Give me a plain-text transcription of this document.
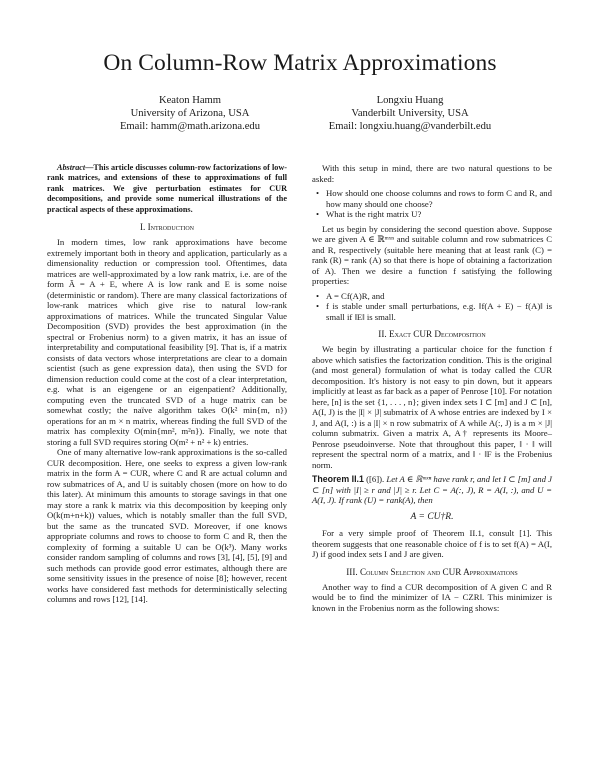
On Column-Row Matrix Approximations
Keaton Hamm
University of Arizona, USA
Email: hamm@math.arizona.edu
Longxiu Huang
Vanderbilt University, USA
Email: longxiu.huang@vanderbilt.edu

Abstract—This article discusses column-row factorizations of low-rank matrices, and extensions of these to approximations of full rank matrices. We give perturbation estimates for CUR decompositions, and provide some numerical illustrations of the practical aspects of these approximations.

I. Introduction

In modern times, low rank approximations have become extremely important both in theory and application, particularly as a dimensionality reduction or compression tool. Oftentimes, data matrices are well-approximated by a low rank matrix, i.e. are of the form Ã = A + E, where A is low rank and E is some noise (deterministic or random). There are many classical factorizations of low-rank matrices which give rise to natural low-rank approximations of matrices. While the truncated Singular Value Decomposition (SVD) provides the best approximation (in the spectral or Frobenius norm) to a given matrix, it has an issue of interpretability and computational feasibility [9]. That is, if a matrix consists of data vectors whose interpretations are clear to a domain scientist (such as gene expression data), then using the SVD for dimension reduction could come at the cost of a clear interpretation, e.g. what is an eigengene or an eigenpatient? Additionally, computing even the truncated SVD of a huge matrix can be somewhat costly; the naïve algorithm takes O(k² min{m, n}) operations for an m × n matrix, whereas finding the full SVD of the matrix has complexity O(min{mn², m²n}). Finally, we note that storing a full SVD requires storing O(m² + n² + k) entries.

One of many alternative low-rank approximations is the so-called CUR decomposition. Here, one seeks to express a given low-rank matrix in the form A = CUR, where C and R are actual column and row submatrices of A, and U is suitably chosen (more on how to do this later). At minimum this amounts to storage savings in that one may store a rank k matrix via this decomposition by keeping only O(k(m+n+k)) values, which is notably smaller than the full SVD, but the same as the truncated SVD. Moreover, if one knows appropriate columns and rows to choose to form C and R, then the complexity of forming a suitable U can be O(k³). Many works consider random sampling of columns and rows [3], [4], [5], [9] and such methods can provide good error estimates, although there are some sensitivity issues in the presence of noise [8]; however, recent works have considered fast methods for deterministically selecting columns and rows [12], [14].

With this setup in mind, there are two natural questions to be asked:

• How should one choose columns and rows to form C and R, and how many should one choose?

• What is the right matrix U?

Let us begin by considering the second question above. Suppose we are given A ∈ ℝᵐˣⁿ and suitable column and row submatrices C and R, respectively (suitable here meaning that at least rank (C) = rank (R) = rank (A) so that there is hope of obtaining a factorization of A). Then we desire a function f satisfying the following properties:

• A = Cf(A)R, and

• f is stable under small perturbations, e.g. ‖f(A + E) − f(A)‖ is small if ‖E‖ is small.

II. Exact CUR Decomposition

We begin by illustrating a particular choice for the function f above which satisfies the factorization condition. This is the original (and most general) formulation of what is today called the CUR decomposition. It's history is not easy to pin down, but it appears implicitly at least as far back as a paper of Penrose [10]. For notation here, [n] is the set {1, . . . , n}; given index sets I ⊂ [m] and J ⊂ [n], A(I, J) is the |I| × |J| submatrix of A whose entries are indexed by I × J, and A(I, :) is a |I| × n row submatrix of A while A(:, J) is a m × |J| column submatrix. Given a matrix A, A† represents its Moore–Penrose pseudoinverse. Note that throughout this paper, ‖ · ‖ will represent the spectral norm of a matrix, and ‖ · ‖F is the Frobenius norm.

Theorem II.1 ([6]). Let A ∈ ℝᵐˣⁿ have rank r, and let I ⊂ [m] and J ⊂ [n] with |I| ≥ r and |J| ≥ r. Let C = A(:, J), R = A(I, :), and U = A(I, J). If rank (U) = rank(A), then

A = CU†R.

For a very simple proof of Theorem II.1, consult [1]. This theorem suggests that one reasonable choice of f is to set f(A) = A(I, J) if good index sets I and J are given.

III. Column Selection and CUR Approximations

Another way to find a CUR decomposition of A given C and R would be to find the minimizer of ‖A − CZR‖. This minimizer is known in the Frobenius norm as the following shows:
